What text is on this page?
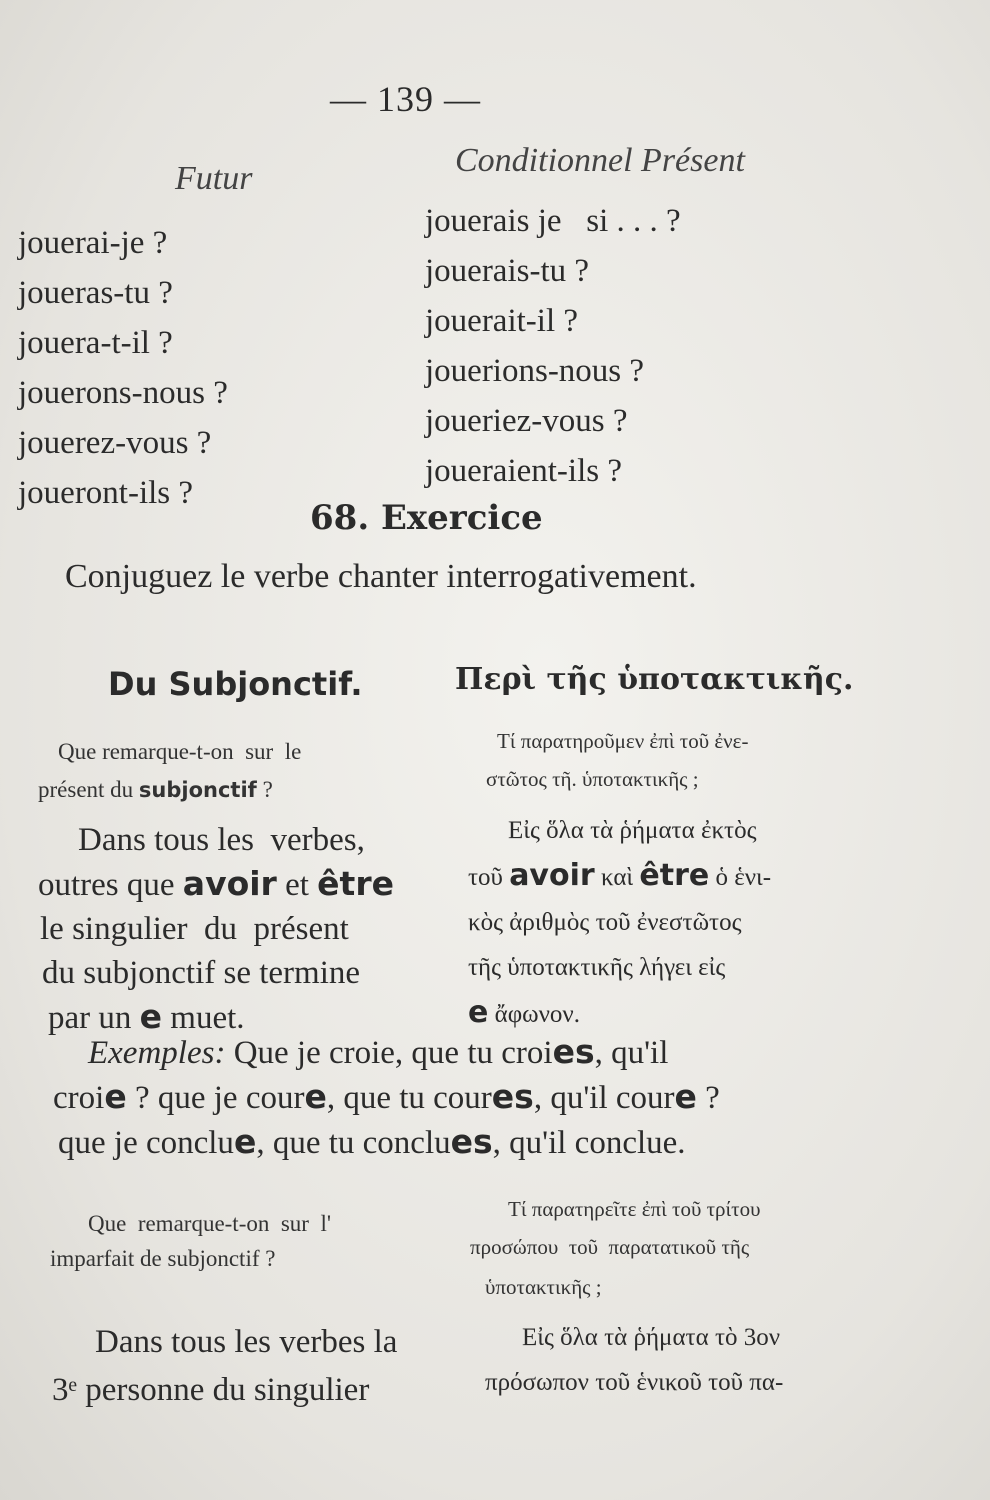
— 139 —
Futur	Conditionnel Présent
jouerai-je ?
joueras-tu ?
jouera-t-il ?
jouerons-nous ?
jouerez-vous ?
joueront-ils ?
jouerais je   si . . . ?
jouerais-tu ?
jouerait-il ?
jouerions-nous ?
joueriez-vous ?
joueraient-ils ?
68. Exercice
Conjuguez le verbe chanter interrogativement.
Du Subjonctif.	Περὶ τῆς ὑποτακτικῆς.
Que remarque-t-on  sur  le
présent du subjonctif ?
Τί παρατηροῦμεν ἐπὶ τοῦ ἐνε-
στῶτος τῆ. ὑποτακτικῆς ;
Dans tous les  verbes,
outres que avoir et être
le singulier  du  présent
du subjonctif se termine
par un e muet.
Εἰς ὅλα τὰ ῥήματα ἐκτὸς
τοῦ avoir καὶ être ὁ ἑνι-
κὸς ἀριθμὸς τοῦ ἐνεστῶτος
τῆς ὑποτακτικῆς λήγει εἰς
e ἄφωνον.
Exemples: Que je croie, que tu croies, qu'il
croie ? que je coure, que tu coures, qu'il coure ?
que je conclue, que tu conclues, qu'il conclue.
Que  remarque-t-on  sur  l'
imparfait de subjonctif ?
Τί παρατηρεῖτε ἐπὶ τοῦ τρίτου
προσώπου  τοῦ  παρατατικοῦ τῆς
ὑποτακτικῆς ;
Dans tous les verbes la
3ᵉ personne du singulier
Εἰς ὅλα τὰ ῥήματα τὸ 3ον
πρόσωπον τοῦ ἑνικοῦ τοῦ πα-
